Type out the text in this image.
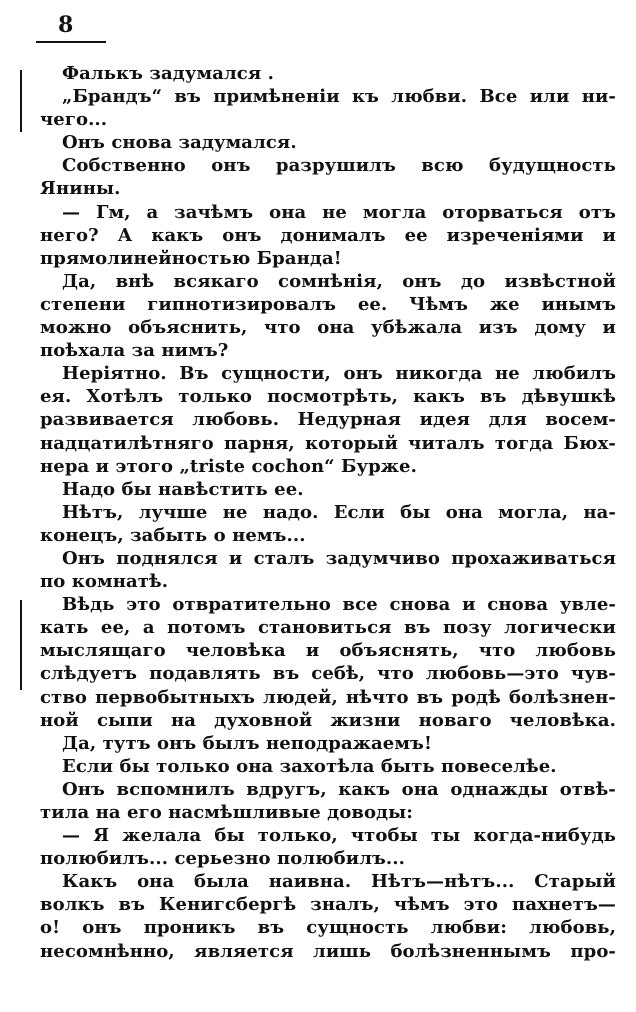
8
Фалькъ задумался .
„Брандъ“ въ примѣненіи къ любви. Все или ни-
чего...
Онъ снова задумался.
Собственно онъ разрушилъ всю будущность
Янины.
— Гм, а зачѣмъ она не могла оторваться отъ
него? А какъ онъ донималъ ее изреченіями и
прямолинейностью Бранда!
Да, внѣ всякаго сомнѣнія, онъ до извѣстной
степени гипнотизировалъ ее. Чѣмъ же инымъ
можно объяснить, что она убѣжала изъ дому и
поѣхала за нимъ?
Неріятно. Въ сущности, онъ никогда не любилъ
ея. Хотѣлъ только посмотрѣть, какъ въ дѣвушкѣ
развивается любовь. Недурная идея для восем-
надцатилѣтняго парня, который читалъ тогда Бюх-
нера и этого „triste cochon“ Бурже.
Надо бы навѣстить ее.
Нѣтъ, лучше не надо. Если бы она могла, на-
конецъ, забыть о немъ...
Онъ поднялся и сталъ задумчиво прохаживаться
по комнатѣ.
Вѣдь это отвратительно все снова и снова увле-
кать ее, а потомъ становиться въ позу логически
мыслящаго человѣка и объяснять, что любовь
слѣдуетъ подавлять въ себѣ, что любовь—это чув-
ство первобытныхъ людей, нѣчто въ родѣ болѣзнен-
ной сыпи на духовной жизни новаго человѣка.
Да, тутъ онъ былъ неподражаемъ!
Если бы только она захотѣла быть повеселѣе.
Онъ вспомнилъ вдругъ, какъ она однажды отвѣ-
тила на его насмѣшливые доводы:
— Я желала бы только, чтобы ты когда-нибудь
полюбилъ... серьезно полюбилъ...
Какъ она была наивна. Нѣтъ—нѣтъ... Старый
волкъ въ Кенигсбергѣ зналъ, чѣмъ это пахнетъ—
о! онъ проникъ въ сущность любви: любовь,
несомнѣнно, является лишь болѣзненнымъ про-
